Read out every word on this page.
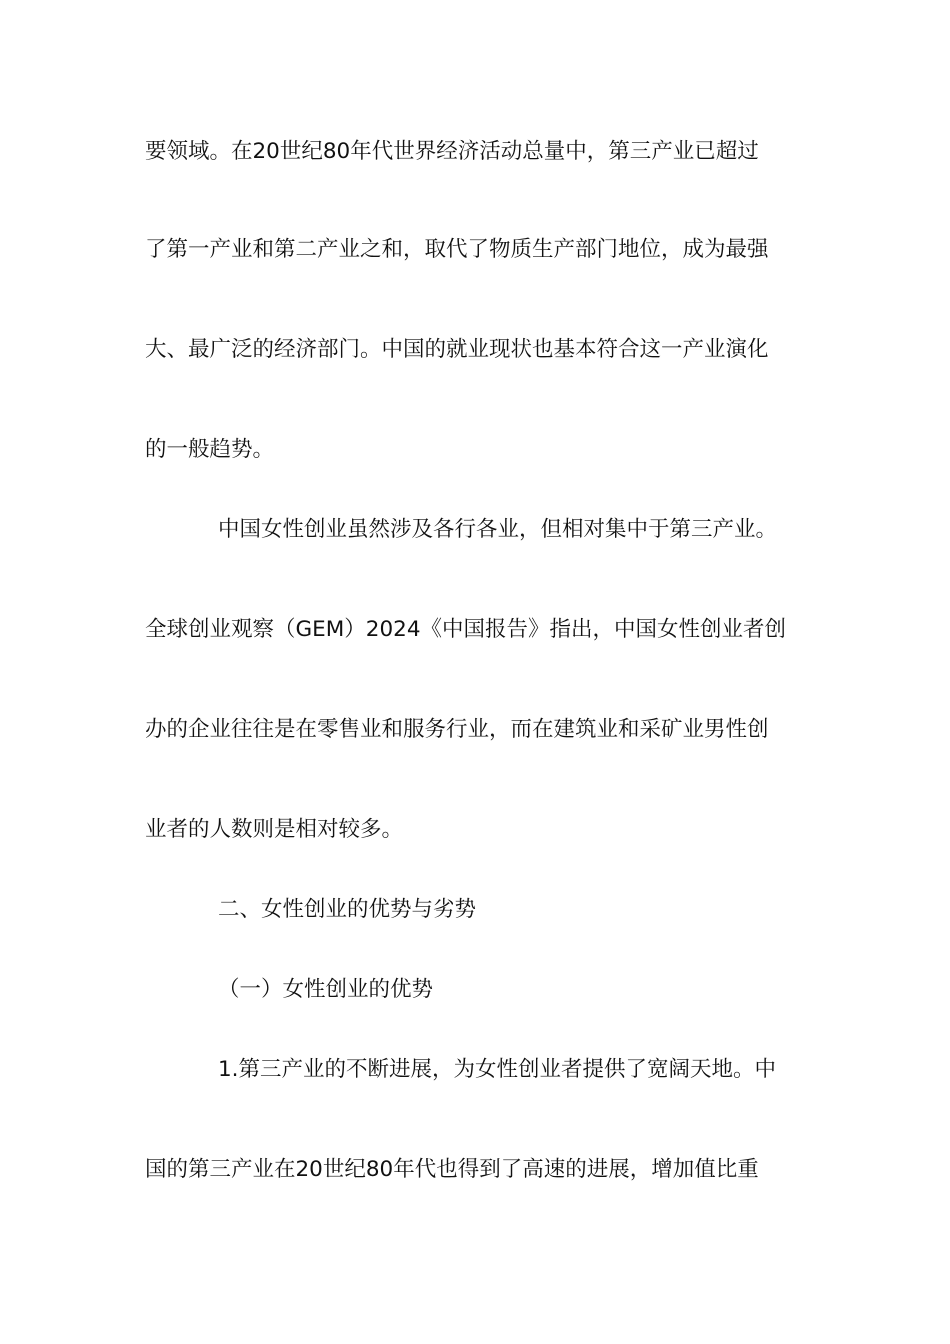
要领域。在20世纪80年代世界经济活动总量中，第三产业已超过
了第一产业和第二产业之和，取代了物质生产部门地位，成为最强
大、最广泛的经济部门。中国的就业现状也基本符合这一产业演化
的一般趋势。
中国女性创业虽然涉及各行各业，但相对集中于第三产业。
全球创业观察（GEM）2024《中国报告》指出，中国女性创业者创
办的企业往往是在零售业和服务行业，而在建筑业和采矿业男性创
业者的人数则是相对较多。
二、女性创业的优势与劣势
（一）女性创业的优势
1.第三产业的不断进展，为女性创业者提供了宽阔天地。中
国的第三产业在20世纪80年代也得到了高速的进展，增加值比重
